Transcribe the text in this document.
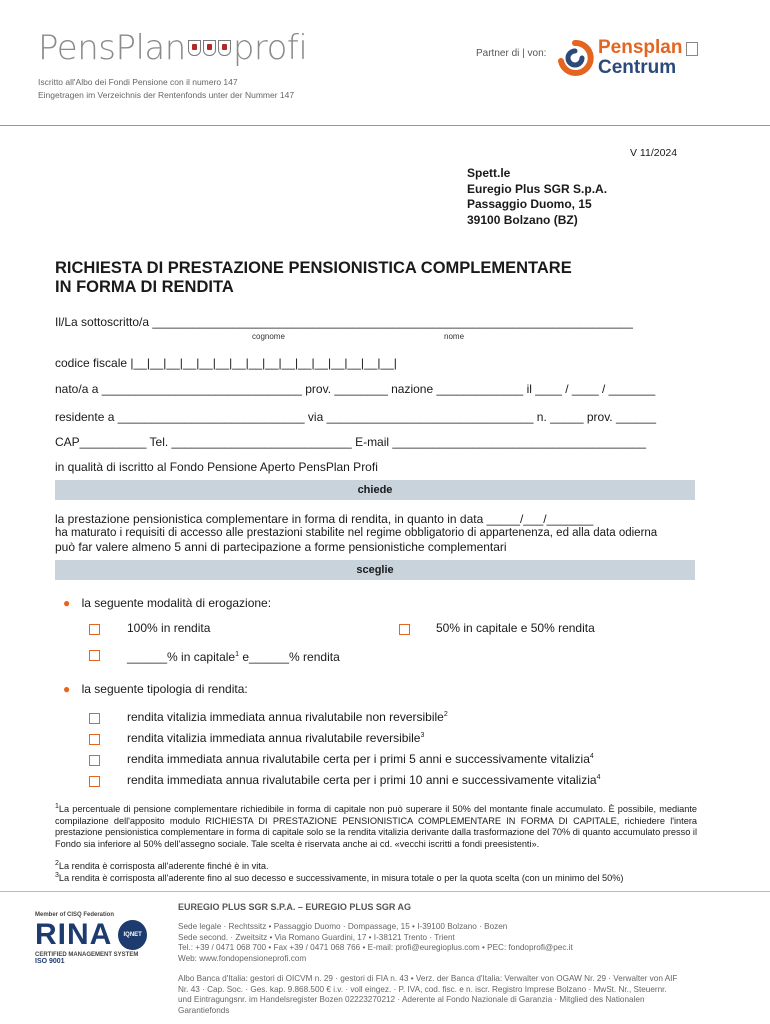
PensPlan profi
Iscritto all'Albo dei Fondi Pensione con il numero 147
Eingetragen im Verzeichnis der Rentenfonds unter der Nummer 147
Partner di | von:	Pensplan
Centrum
V 11/2024
Spett.le
Euregio Plus SGR S.p.A.
Passaggio Duomo, 15
39100 Bolzano (BZ)
RICHIESTA DI PRESTAZIONE PENSIONISTICA COMPLEMENTARE
IN FORMA DI RENDITA
Il/La sottoscritto/a ________________________________________________________________________
cognome	nome
codice fiscale |__|__|__|__|__|__|__|__|__|__|__|__|__|__|__|__|
nato/a a ______________________________ prov. ________ nazione _____________ il ____ / ____ / _______
residente a ____________________________ via _______________________________ n. _____ prov. ______
CAP__________ Tel. ___________________________ E-mail ______________________________________
in qualità di iscritto al Fondo Pensione Aperto PensPlan Profi
chiede
la prestazione pensionistica complementare in forma di rendita, in quanto in data _____/___/_______
ha maturato i requisiti di accesso alle prestazioni stabilite nel regime obbligatorio di appartenenza, ed alla data odierna
può far valere almeno 5 anni di partecipazione a forme pensionistiche complementari
sceglie
● la seguente modalità di erogazione:
100% in rendita	50% in capitale e 50% rendita
______% in capitale$^1$ e______% rendita
● la seguente tipologia di rendita:
rendita vitalizia immediata annua rivalutabile non reversibile$^2$
rendita vitalizia immediata annua rivalutabile reversibile$^3$
rendita immediata annua rivalutabile certa per i primi 5 anni e successivamente vitalizia$^4$
rendita immediata annua rivalutabile certa per i primi 10 anni e successivamente vitalizia$^4$
$^1$La percentuale di pensione complementare richiedibile in forma di capitale non può superare il 50% del montante finale accumulato. È possibile, mediante compilazione dell'apposito modulo RICHIESTA DI PRESTAZIONE PENSIONISTICA COMPLEMENTARE IN FORMA DI CAPITALE, richiedere l'intera prestazione pensionistica complementare in forma di capitale solo se la rendita vitalizia derivante dalla trasformazione del 70% di quanto accumulato presso il Fondo sia inferiore al 50% dell'assegno sociale. Tale scelta è riservata anche ai cd. «vecchi iscritti a fondi preesistenti».
$^2$La rendita è corrisposta all'aderente finché è in vita.
$^3$La rendita è corrisposta all'aderente fino al suo decesso e successivamente, in misura totale o per la quota scelta (con un minimo del 50%)
Member of CISQ Federation
RINA	IQNET
CERTIFIED MANAGEMENT SYSTEM
ISO 9001
EUREGIO PLUS SGR S.P.A. – EUREGIO PLUS SGR AG
Sede legale · Rechtssitz • Passaggio Duomo · Dompassage, 15 • I-39100 Bolzano · Bozen
Sede second. · Zweitsitz • Via Romano Guardini, 17 • I-38121 Trento · Trient
Tel.: +39 / 0471 068 700 • Fax +39 / 0471 068 766 • E-mail: profi@euregioplus.com • PEC: fondoprofi@pec.it
Web: www.fondopensioneprofi.com
Albo Banca d'Italia: gestori di OICVM n. 29 · gestori di FIA n. 43 • Verz. der Banca d'Italia: Verwalter von OGAW Nr. 29 · Verwalter von AIF
Nr. 43 · Cap. Soc. · Ges. kap. 9.868.500 € i.v. · voll eingez. · P. IVA, cod. fisc. e n. iscr. Registro Imprese Bolzano · MwSt. Nr., Steuernr.
und Eintragungsnr. im Handelsregister Bozen 02223270212 · Aderente al Fondo Nazionale di Garanzia · Mitglied des Nationalen
Garantiefonds
